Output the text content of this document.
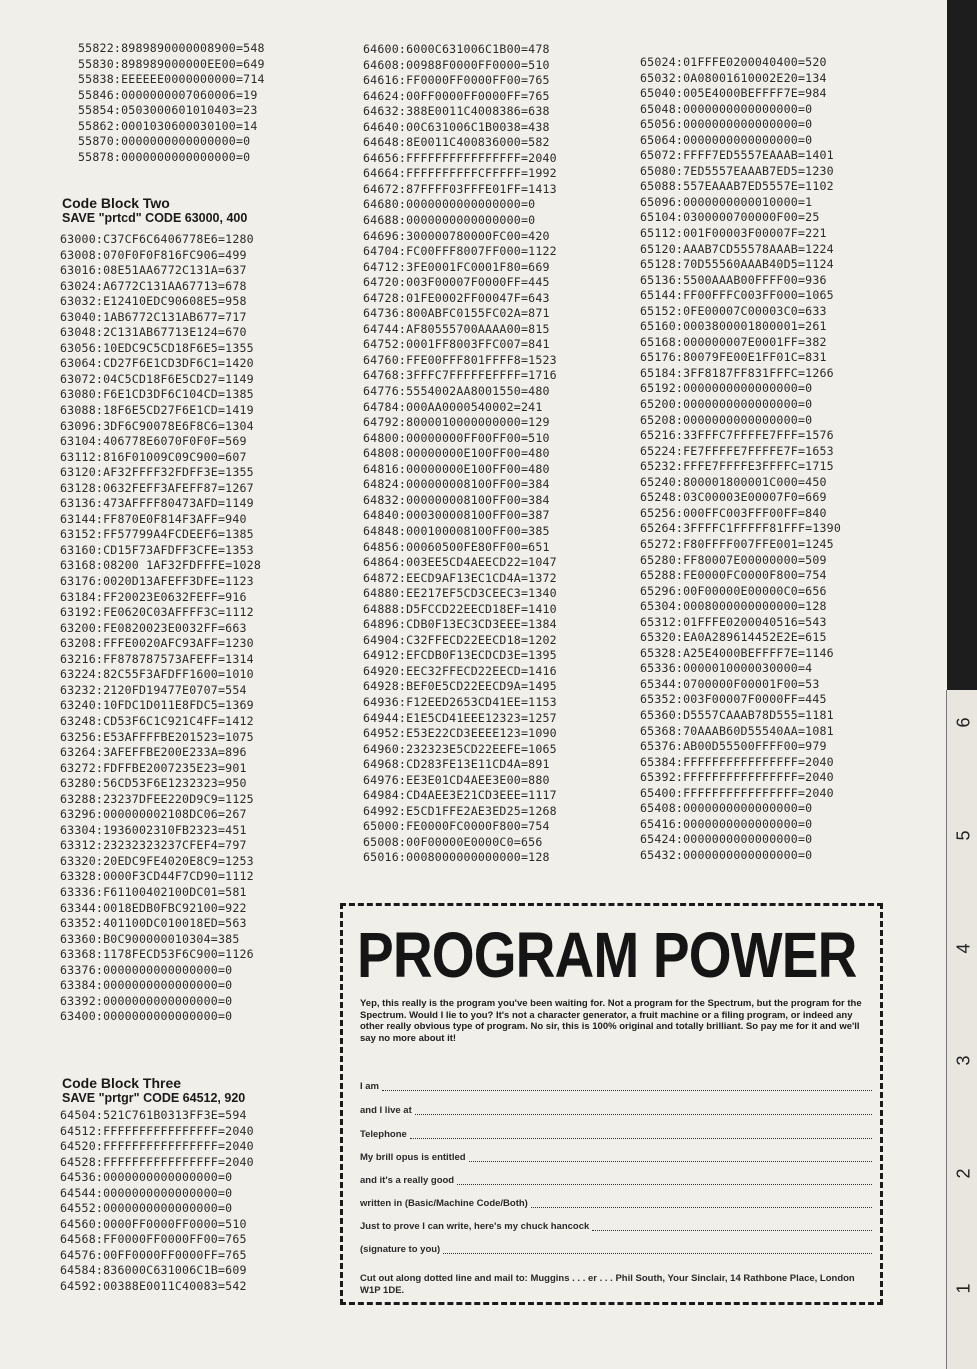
55822:8989890000008900=548
55830:898989000000EE00=649
55838:EEEEEE0000000000=714
55846:0000000007060006=19
55854:0503000601010403=23
55862:0001030600030100=14
55870:0000000000000000=0
55878:0000000000000000=0
Code Block Two
SAVE "prtcd" CODE 63000, 400
63000:C37CF6C6406778E6=1280
63008:070F0F0F816FC906=499
63016:08E51AA6772C131A=637
63024:A6772C131AA67713=678
63032:E12410EDC90608E5=958
63040:1AB6772C131AB677=717
63048:2C131AB67713E124=670
63056:10EDC9C5CD18F6E5=1355
63064:CD27F6E1CD3DF6C1=1420
63072:04C5CD18F6E5CD27=1149
63080:F6E1CD3DF6C104CD=1385
63088:18F6E5CD27F6E1CD=1419
63096:3DF6C90078E6F8C6=1304
63104:406778E6070F0F0F=569
63112:816F01009C09C900=607
63120:AF32FFFF32FDFF3E=1355
63128:0632FEFF3AFEFF87=1267
63136:473AFFFF80473AFD=1149
63144:FF870E0F814F3AFF=940
63152:FF57799A4FCDEEF6=1385
63160:CD15F73AFDFF3CFE=1353
63168:08200 1AF32FDFFFE=1028
63176:0020D13AFEFF3DFE=1123
63184:FF20023E0632FEFF=916
63192:FE0620C03AFFFF3C=1112
63200:FE0820023E0032FF=663
63208:FFFE0020AFC93AFF=1230
63216:FF878787573AFEFF=1314
63224:82C55F3AFDFF1600=1010
63232:2120FD19477E0707=554
63240:10FDC1D011E8FDC5=1369
63248:CD53F6C1C921C4FF=1412
63256:E53AFFFFBE201523=1075
63264:3AFEFFBE200E233A=896
63272:FDFFBE2007235E23=901
63280:56CD53F6E1232323=950
63288:23237DFEE220D9C9=1125
63296:000000002108DC06=267
63304:1936002310FB2323=451
63312:23232323237CFEF4=797
63320:20EDC9FE4020E8C9=1253
63328:0000F3CD44F7CD90=1112
63336:F61100402100DC01=581
63344:0018EDB0FBC92100=922
63352:401100DC010018ED=563
63360:B0C900000010304=385
63368:1178FECD53F6C900=1126
63376:0000000000000000=0
63384:0000000000000000=0
63392:0000000000000000=0
63400:0000000000000000=0
Code Block Three
SAVE "prtgr" CODE 64512, 920
64504:521C761B0313FF3E=594
64512:FFFFFFFFFFFFFFFF=2040
64520:FFFFFFFFFFFFFFFF=2040
64528:FFFFFFFFFFFFFFFF=2040
64536:0000000000000000=0
64544:0000000000000000=0
64552:0000000000000000=0
64560:0000FF0000FF0000=510
64568:FF0000FF0000FF00=765
64576:00FF0000FF0000FF=765
64584:836000C631006C1B=609
64592:00388E0011C40083=542
64600:6000C631006C1B00=478
64608:00988F0000FF0000=510
64616:FF0000FF0000FF00=765
64624:00FF0000FF0000FF=765
64632:388E0011C4008386=638
64640:00C631006C1B0038=438
64648:8E0011C400836000=582
64656:FFFFFFFFFFFFFFFF=2040
64664:FFFFFFFFFFCFFFFF=1992
64672:87FFFF03FFFE01FF=1413
64680:0000000000000000=0
64688:0000000000000000=0
64696:300000780000FC00=420
64704:FC00FFF8007FF000=1122
64712:3FE0001FC0001F80=669
64720:003F00007F0000FF=445
64728:01FE0002FF00047F=643
64736:800ABFC0155FC02A=871
64744:AF80555700AAAA00=815
64752:0001FF8003FFC007=841
64760:FFE00FFF801FFFF8=1523
64768:3FFFC7FFFFFEFFFF=1716
64776:5554002AA8001550=480
64784:000AA0000540002=241
64792:8000010000000000=129
64800:00000000FF00FF00=510
64808:00000000E100FF00=480
64816:00000000E100FF00=480
64824:000000008100FF00=384
64832:000000008100FF00=384
64840:000300008100FF00=387
64848:000100008100FF00=385
64856:00060500FE80FF00=651
64864:003EE5CD4AEECD22=1047
64872:EECD9AF13EC1CD4A=1372
64880:EE217EF5CD3CEEC3=1340
64888:D5FCCD22EECD18EF=1410
64896:CDB0F13EC3CD3EEE=1384
64904:C32FFECD22EECD18=1202
64912:EFCDB0F13ECDCD3E=1395
64920:EEC32FFECD22EECD=1416
64928:BEF0E5CD22EECD9A=1495
64936:F12EED2653CD41EE=1153
64944:E1E5CD41EEE12323=1257
64952:E53E22CD3EEEE123=1090
64960:232323E5CD22EEFE=1065
64968:CD283FE13E11CD4A=891
64976:EE3E01CD4AEE3E00=880
64984:CD4AEE3E21CD3EEE=1117
64992:E5CD1FFE2AE3ED25=1268
65000:FE0000FC0000F800=754
65008:00F00000E0000C0=656
65016:0008000000000000=128
65024:01FFFE0200040400=520
65032:0A08001610002E20=134
65040:005E4000BEFFFF7E=984
65048:0000000000000000=0
65056:0000000000000000=0
65064:0000000000000000=0
65072:FFFF7ED5557EAAAB=1401
65080:7ED5557EAAAB7ED5=1230
65088:557EAAAB7ED5557E=1102
65096:0000000000010000=1
65104:0300000700000F00=25
65112:001F00003F00007F=221
65120:AAAB7CD55578AAAB=1224
65128:70D55560AAAB40D5=1124
65136:5500AAAB00FFFF00=936
65144:FF00FFFC003FF000=1065
65152:0FE00007C00003C0=633
65160:0003800001800001=261
65168:000000007E0001FF=382
65176:80079FE00E1FF01C=831
65184:3FF8187FF831FFFC=1266
65192:0000000000000000=0
65200:0000000000000000=0
65208:0000000000000000=0
65216:33FFFC7FFFFE7FFF=1576
65224:FE7FFFFE7FFFFE7F=1653
65232:FFFE7FFFFE3FFFFC=1715
65240:800001800001C000=450
65248:03C00003E00007F0=669
65256:000FFC003FFF00FF=840
65264:3FFFFC1FFFFF81FFF=1390
65272:F80FFFF007FFE001=1245
65280:FF80007E00000000=509
65288:FE0000FC0000F800=754
65296:00F00000E00000C0=656
65304:0008000000000000=128
65312:01FFFE0200040516=543
65320:EA0A289614452E2E=615
65328:A25E4000BEFFFF7E=1146
65336:0000010000030000=4
65344:0700000F00001F00=53
65352:003F00007F0000FF=445
65360:D5557CAAAB78D555=1181
65368:70AAAB60D55540AA=1081
65376:AB00D55500FFFF00=979
65384:FFFFFFFFFFFFFFFF=2040
65392:FFFFFFFFFFFFFFFF=2040
65400:FFFFFFFFFFFFFFFF=2040
65408:0000000000000000=0
65416:0000000000000000=0
65424:0000000000000000=0
65432:0000000000000000=0
PROGRAM POWER
Yep, this really is the program you've been waiting for. Not a program for the Spectrum, but the program for the Spectrum. Would I lie to you? It's not a character generator, a fruit machine or a filing program, or indeed any other really obvious type of program. No sir, this is 100% original and totally brilliant. So pay me for it and we'll say no more about it!
I am
and I live at
Telephone
My brill opus is entitled
and it's a really good
written in (Basic/Machine Code/Both)
Just to prove I can write, here's my chuck hancock
(signature to you)
Cut out along dotted line and mail to: Muggins . . . er . . . Phil South, Your Sinclair, 14 Rathbone Place, London W1P 1DE.
6
5
4
3
2
1
